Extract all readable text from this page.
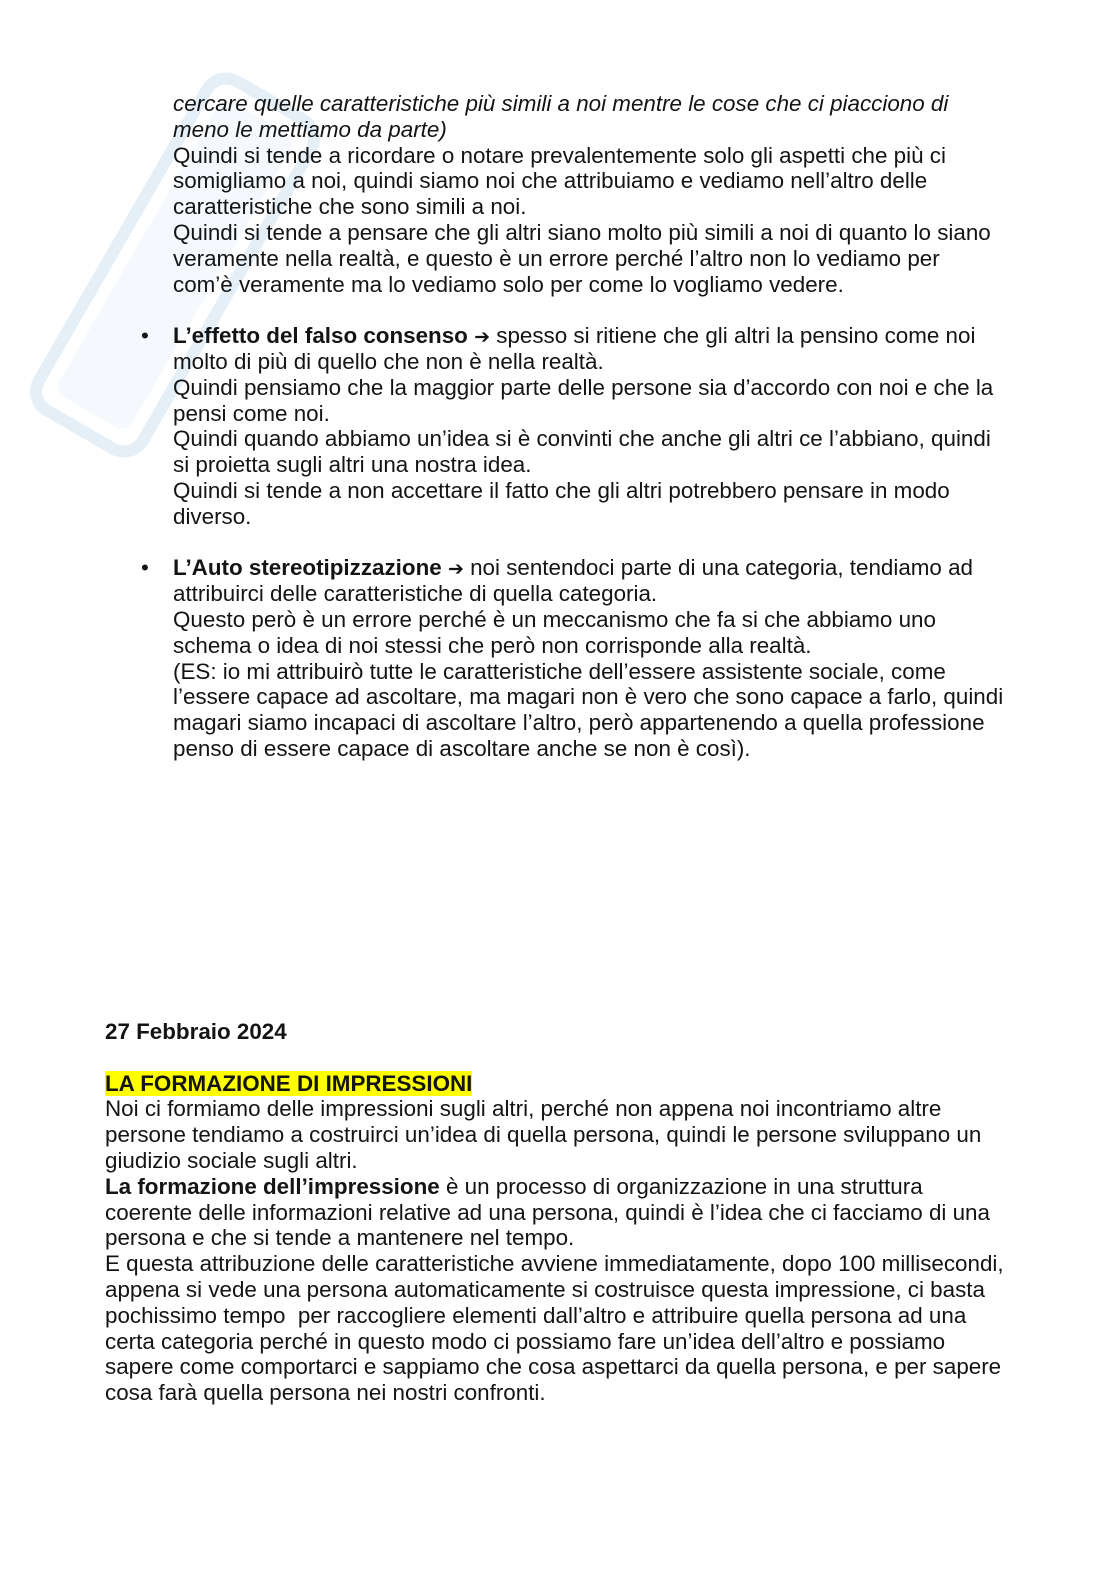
cercare quelle caratteristiche più simili a noi mentre le cose che ci piacciono di
meno le mettiamo da parte)
Quindi si tende a ricordare o notare prevalentemente solo gli aspetti che più ci
somigliamo a noi, quindi siamo noi che attribuiamo e vediamo nell’altro delle
caratteristiche che sono simili a noi.
Quindi si tende a pensare che gli altri siano molto più simili a noi di quanto lo siano
veramente nella realtà, e questo è un errore perché l’altro non lo vediamo per
com’è veramente ma lo vediamo solo per come lo vogliamo vedere.
• L’effetto del falso consenso ➔ spesso si ritiene che gli altri la pensino come noi
molto di più di quello che non è nella realtà.
Quindi pensiamo che la maggior parte delle persone sia d’accordo con noi e che la
pensi come noi.
Quindi quando abbiamo un’idea si è convinti che anche gli altri ce l’abbiano, quindi
si proietta sugli altri una nostra idea.
Quindi si tende a non accettare il fatto che gli altri potrebbero pensare in modo
diverso.
• L’Auto stereotipizzazione ➔ noi sentendoci parte di una categoria, tendiamo ad
attribuirci delle caratteristiche di quella categoria.
Questo però è un errore perché è un meccanismo che fa si che abbiamo uno
schema o idea di noi stessi che però non corrisponde alla realtà.
(ES: io mi attribuirò tutte le caratteristiche dell’essere assistente sociale, come
l’essere capace ad ascoltare, ma magari non è vero che sono capace a farlo, quindi
magari siamo incapaci di ascoltare l’altro, però appartenendo a quella professione
penso di essere capace di ascoltare anche se non è così).
27 Febbraio 2024
LA FORMAZIONE DI IMPRESSIONI
Noi ci formiamo delle impressioni sugli altri, perché non appena noi incontriamo altre
persone tendiamo a costruirci un’idea di quella persona, quindi le persone sviluppano un
giudizio sociale sugli altri.
La formazione dell’impressione è un processo di organizzazione in una struttura
coerente delle informazioni relative ad una persona, quindi è l’idea che ci facciamo di una
persona e che si tende a mantenere nel tempo.
E questa attribuzione delle caratteristiche avviene immediatamente, dopo 100 millisecondi,
appena si vede una persona automaticamente si costruisce questa impressione, ci basta
pochissimo tempo  per raccogliere elementi dall’altro e attribuire quella persona ad una
certa categoria perché in questo modo ci possiamo fare un’idea dell’altro e possiamo
sapere come comportarci e sappiamo che cosa aspettarci da quella persona, e per sapere
cosa farà quella persona nei nostri confronti.
